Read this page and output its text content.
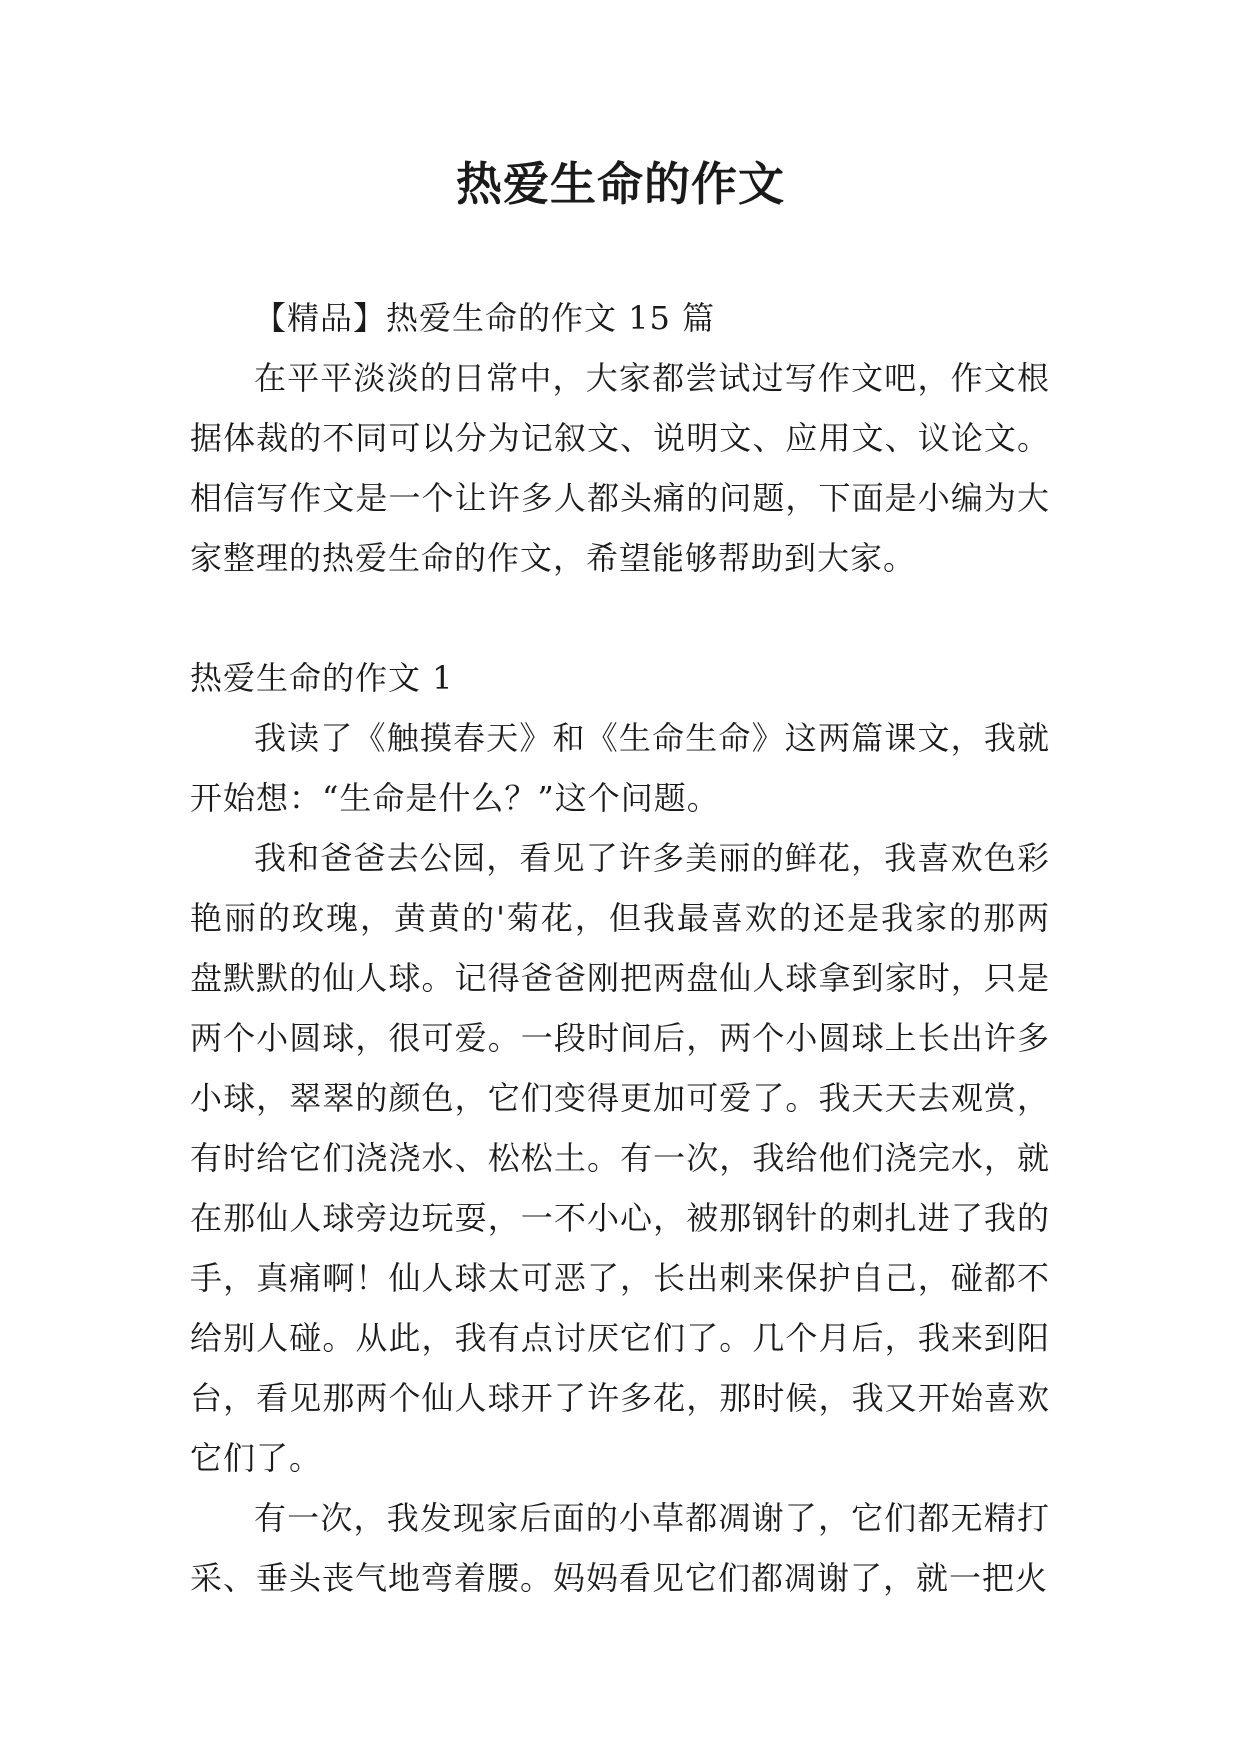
热爱生命的作文

【精品】热爱生命的作文 15 篇

在平平淡淡的日常中，大家都尝试过写作文吧，作文根据体裁的不同可以分为记叙文、说明文、应用文、议论文。相信写作文是一个让许多人都头痛的问题，下面是小编为大家整理的热爱生命的作文，希望能够帮助到大家。

热爱生命的作文 1

我读了《触摸春天》和《生命生命》这两篇课文，我就开始想：“生命是什么？”这个问题。

我和爸爸去公园，看见了许多美丽的鲜花，我喜欢色彩艳丽的玫瑰，黄黄的'菊花，但我最喜欢的还是我家的那两盘默默的仙人球。记得爸爸刚把两盘仙人球拿到家时，只是两个小圆球，很可爱。一段时间后，两个小圆球上长出许多小球，翠翠的颜色，它们变得更加可爱了。我天天去观赏，有时给它们浇浇水、松松土。有一次，我给他们浇完水，就在那仙人球旁边玩耍，一不小心，被那钢针的刺扎进了我的手，真痛啊！仙人球太可恶了，长出刺来保护自己，碰都不给别人碰。从此，我有点讨厌它们了。几个月后，我来到阳台，看见那两个仙人球开了许多花，那时候，我又开始喜欢它们了。

有一次，我发现家后面的小草都凋谢了，它们都无精打采、垂头丧气地弯着腰。妈妈看见它们都凋谢了，就一把火
